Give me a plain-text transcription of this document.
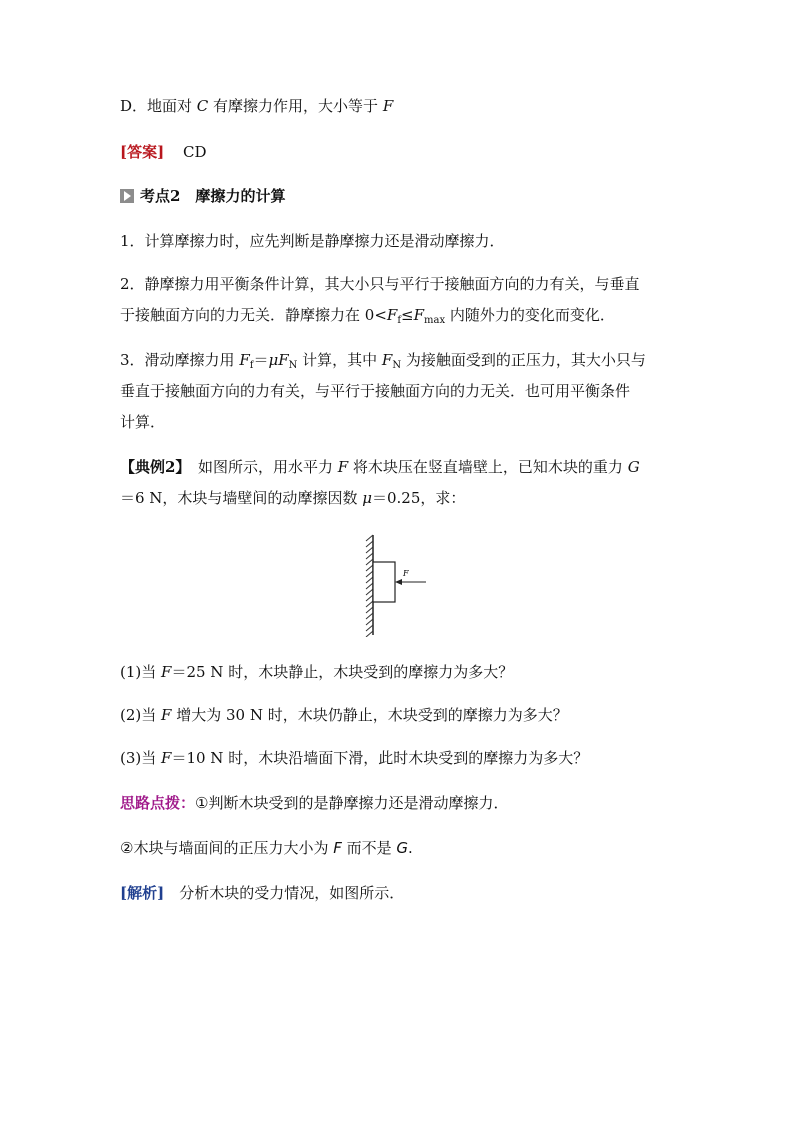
D．地面对 C 有摩擦力作用，大小等于 F
[答案] CD
考点2　摩擦力的计算
1．计算摩擦力时，应先判断是静摩擦力还是滑动摩擦力．
2．静摩擦力用平衡条件计算，其大小只与平行于接触面方向的力有关，与垂直
于接触面方向的力无关．静摩擦力在 $0<F_f\le F_{max}$ 内随外力的变化而变化．
3．滑动摩擦力用 $F_f=\mu F_N$ 计算，其中 $F_N$ 为接触面受到的正压力，其大小只与
垂直于接触面方向的力有关，与平行于接触面方向的力无关．也可用平衡条件
计算．
【典例2】　如图所示，用水平力 F 将木块压在竖直墙壁上，已知木块的重力 G
＝6 N，木块与墙壁间的动摩擦因数 μ＝0.25，求：
F
(1)当 F＝25 N 时，木块静止，木块受到的摩擦力为多大？
(2)当 F 增大为 30 N 时，木块仍静止，木块受到的摩擦力为多大？
(3)当 F＝10 N 时，木块沿墙面下滑，此时木块受到的摩擦力为多大？
思路点拨：①判断木块受到的是静摩擦力还是滑动摩擦力．
②木块与墙面间的正压力大小为 F 而不是 G.
[解析]　分析木块的受力情况，如图所示．
